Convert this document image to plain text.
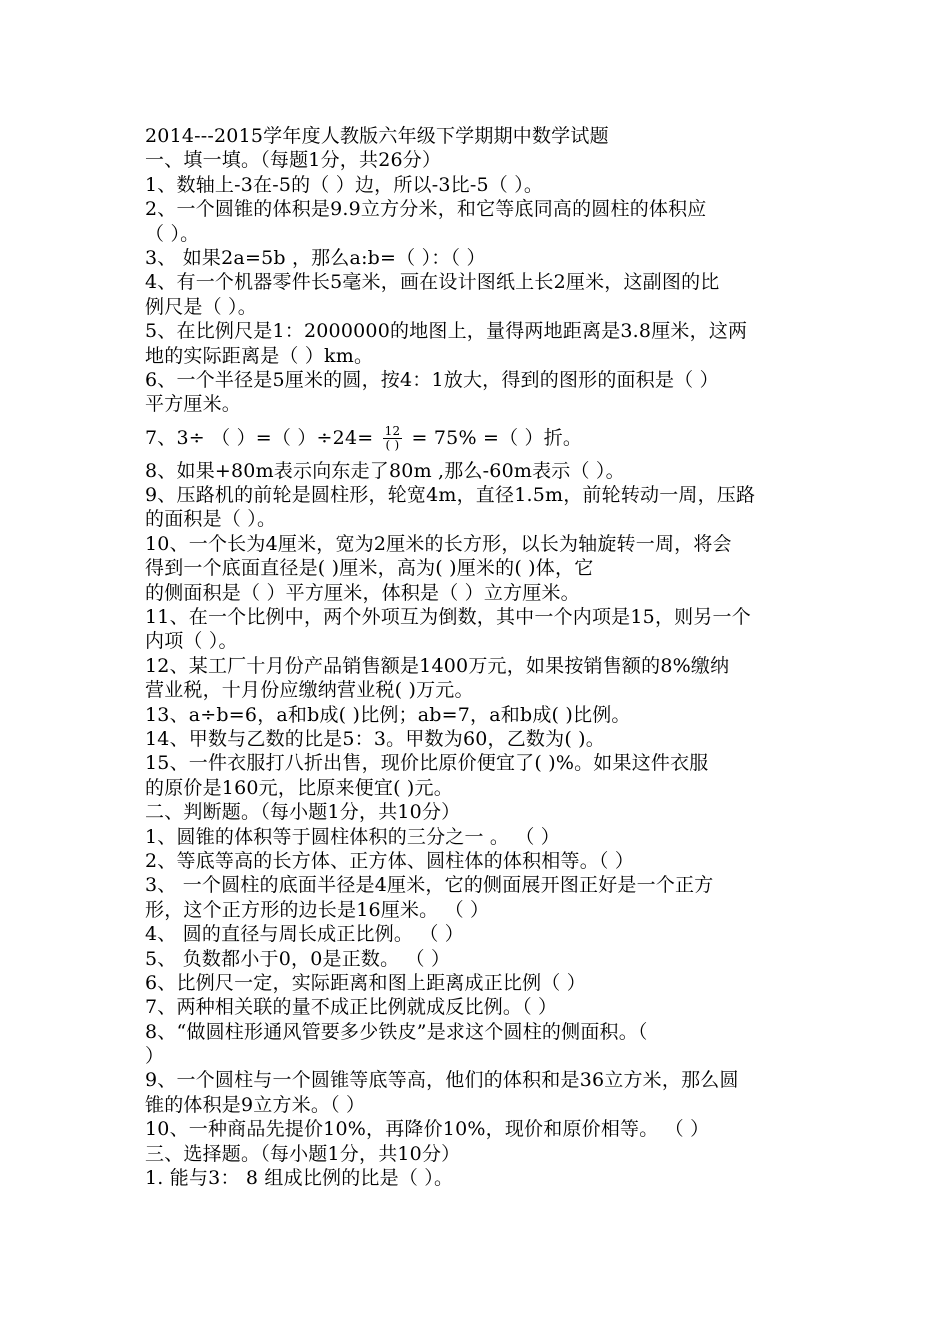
2014---2015学年度人教版六年级下学期期中数学试题
一、填一填。（每题1分，共26分）
1、数轴上-3在-5的（ ）边，所以-3比-5（ ）。
2、一个圆锥的体积是9.9立方分米，和它等底同高的圆柱的体积应
（ ）。
3、 如果2a=5b ，那么a:b=（ ）：（ ）
4、有一个机器零件长5毫米，画在设计图纸上长2厘米，这副图的比
例尺是（ ）。
5、在比例尺是1：2000000的地图上，量得两地距离是3.8厘米，这两
地的实际距离是（ ）km。
6、一个半径是5厘米的圆，按4：1放大，得到的图形的面积是（ ）
平方厘米。
7、3÷ （ ）=（ ）$\div 24= \frac{12}{( )} = 75\%$ =（ ）折。
8、如果+80m表示向东走了80m ,那么-60m表示（ ）。
9、压路机的前轮是圆柱形，轮宽4m，直径1.5m，前轮转动一周，压路
的面积是（ ）。
10、一个长为4厘米，宽为2厘米的长方形，以长为轴旋转一周，将会
得到一个底面直径是( )厘米，高为( )厘米的( )体，它
的侧面积是（ ）平方厘米，体积是（ ）立方厘米。
11、在一个比例中，两个外项互为倒数，其中一个内项是15，则另一个
内项（ ）。
12、某工厂十月份产品销售额是1400万元，如果按销售额的8%缴纳
营业税，十月份应缴纳营业税( )万元。
13、a÷b=6，a和b成( )比例；ab=7，a和b成( )比例。
14、甲数与乙数的比是5：3。甲数为60，乙数为( )。
15、一件衣服打八折出售，现价比原价便宜了( )%。如果这件衣服
的原价是160元，比原来便宜( )元。
二、判断题。（每小题1分，共10分）
1、圆锥的体积等于圆柱体积的三分之一 。 （ ）
2、等底等高的长方体、正方体、圆柱体的体积相等。（ ）
3、 一个圆柱的底面半径是4厘米，它的侧面展开图正好是一个正方
形，这个正方形的边长是16厘米。 （ ）
4、 圆的直径与周长成正比例。 （ ）
5、 负数都小于0，0是正数。 （ ）
6、比例尺一定，实际距离和图上距离成正比例（ ）
7、两种相关联的量不成正比例就成反比例。（ ）
8、“做圆柱形通风管要多少铁皮”是求这个圆柱的侧面积。（
）
9、一个圆柱与一个圆锥等底等高，他们的体积和是36立方米，那么圆
锥的体积是9立方米。（ ）
10、一种商品先提价10%，再降价10%，现价和原价相等。 （ ）
三、选择题。（每小题1分，共10分）
1. 能与3： 8 组成比例的比是（ ）。
